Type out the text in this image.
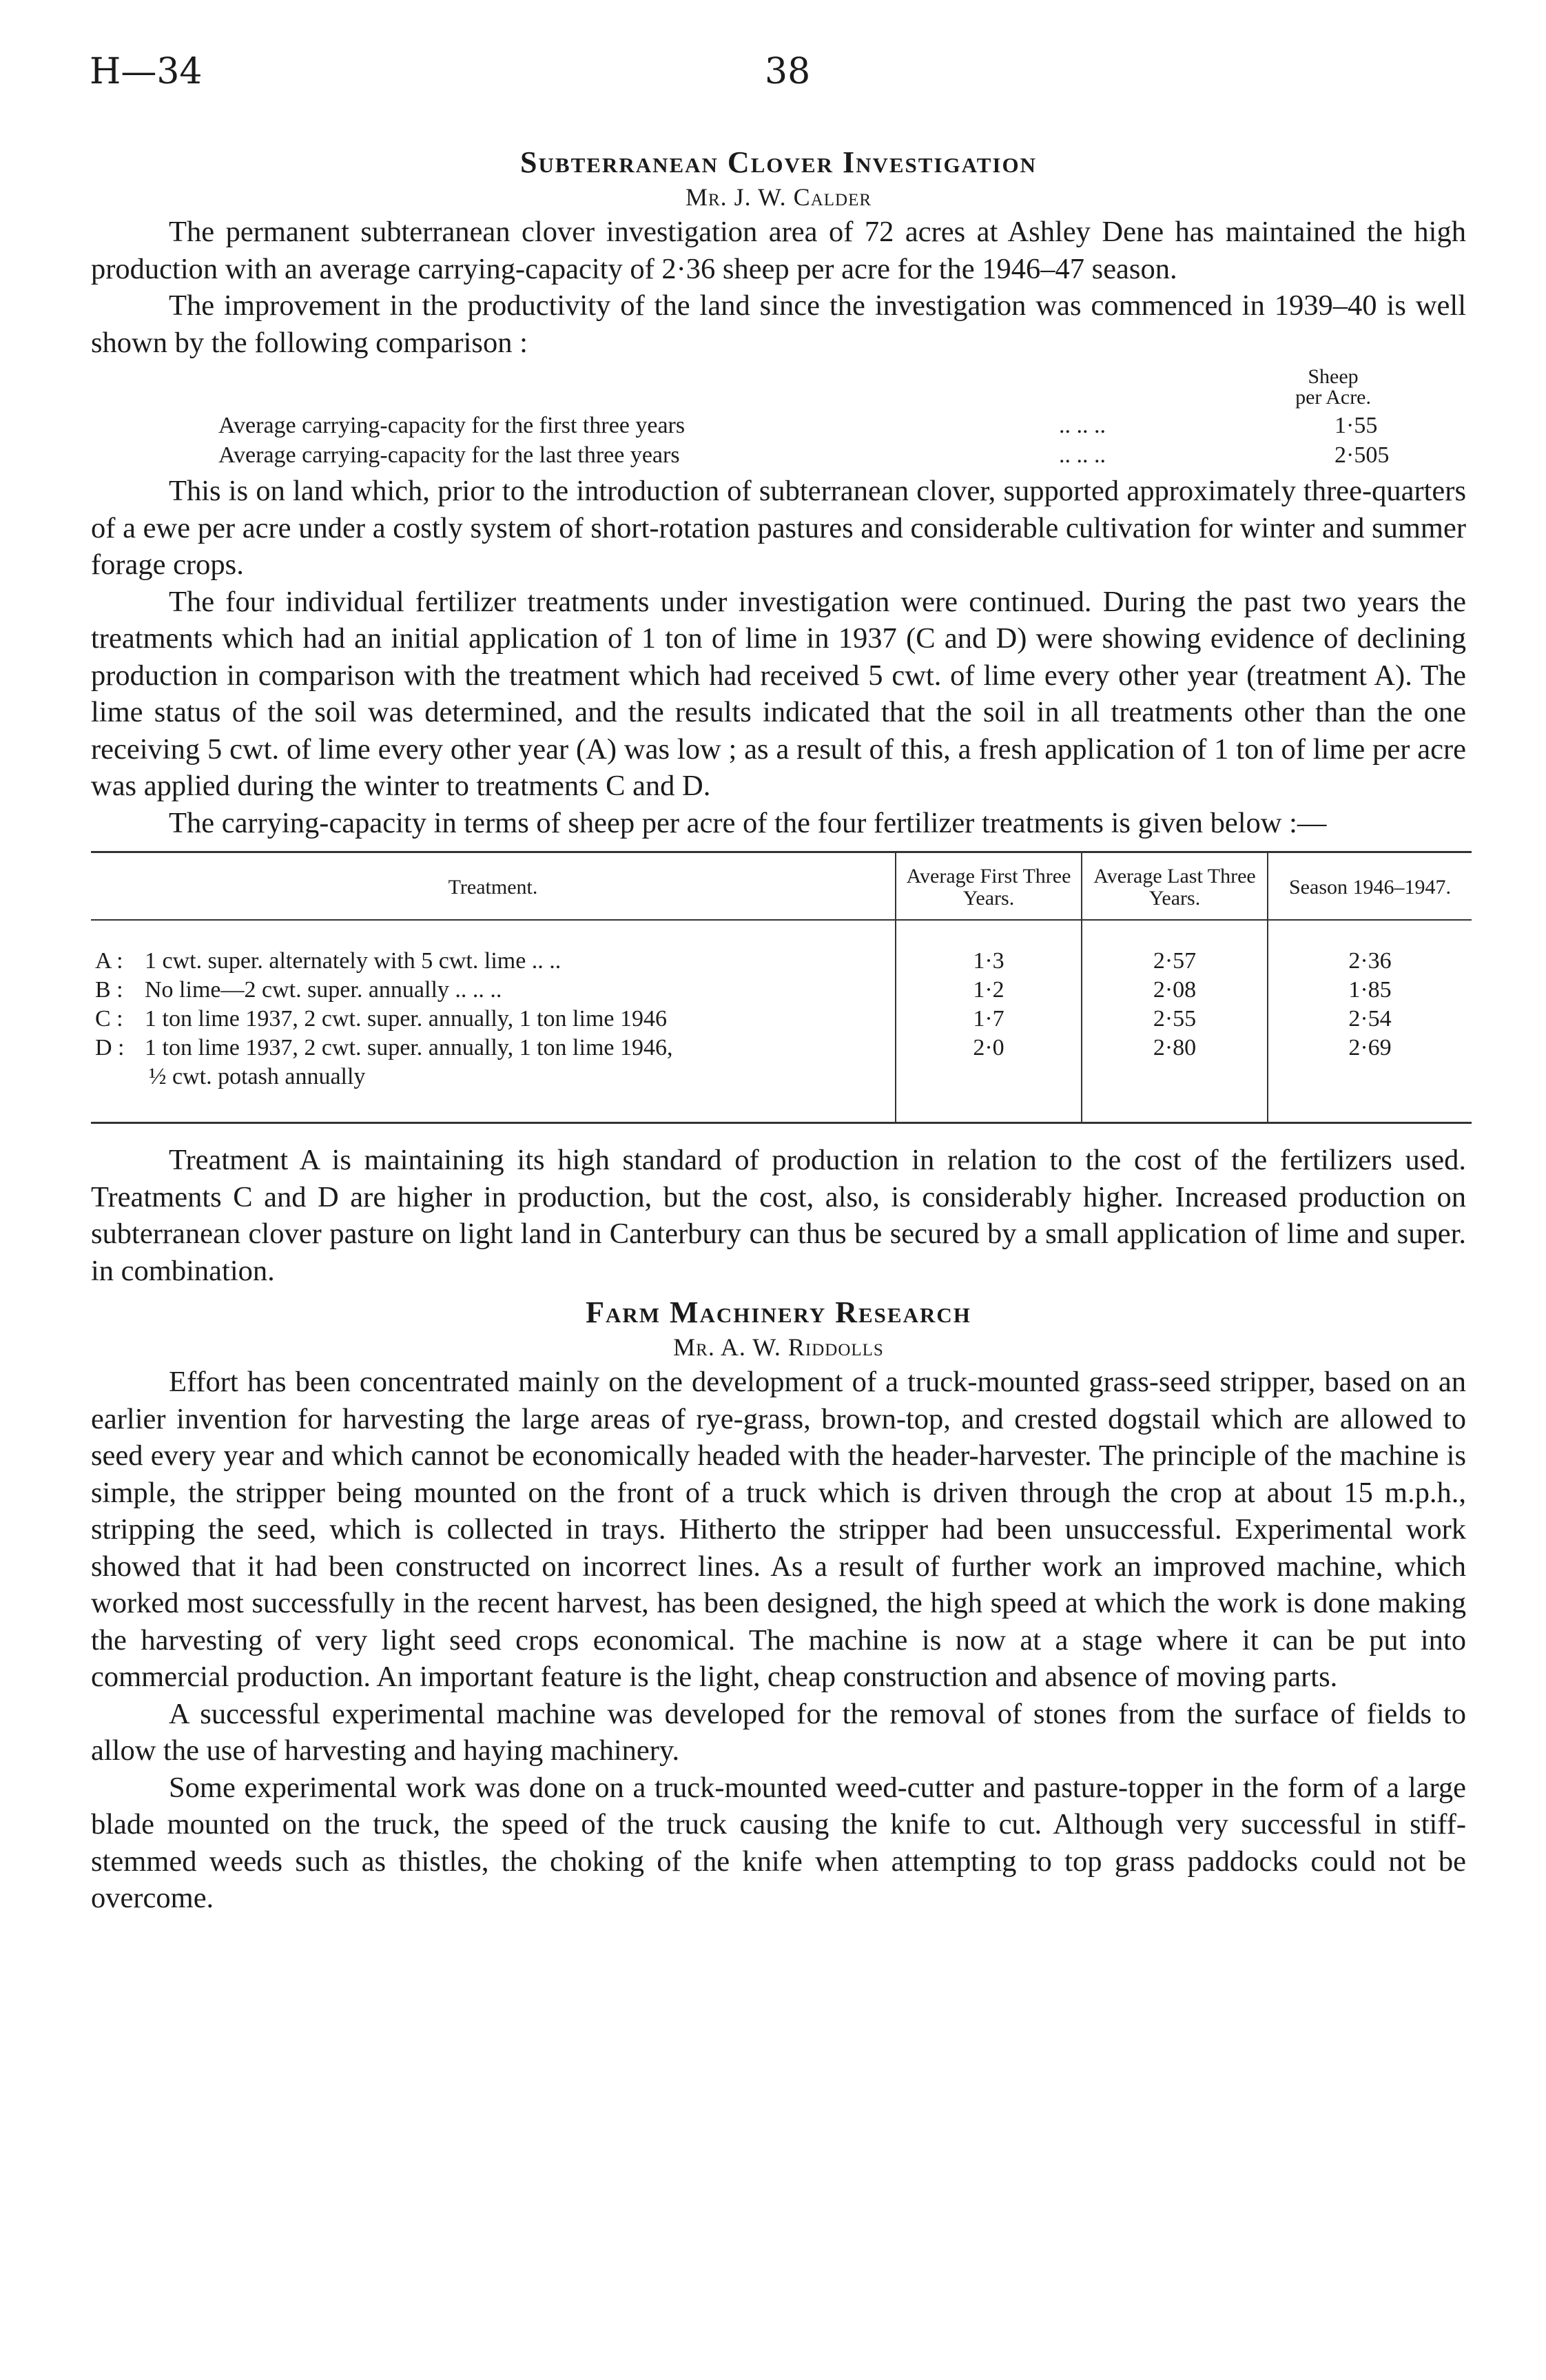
H—34	38
Subterranean Clover Investigation
Mr. J. W. Calder

The permanent subterranean clover investigation area of 72 acres at Ashley Dene has maintained the high production with an average carrying-capacity of 2·36 sheep per acre for the 1946–47 season.

The improvement in the productivity of the land since the investigation was commenced in 1939–40 is well shown by the following comparison :

Sheep
per Acre.
Average carrying-capacity for the first three years	.. .. ..	1·55
Average carrying-capacity for the last three years	.. .. ..	2·505

This is on land which, prior to the introduction of subterranean clover, supported approximately three-quarters of a ewe per acre under a costly system of short-rotation pastures and considerable cultivation for winter and summer forage crops.

The four individual fertilizer treatments under investigation were continued. During the past two years the treatments which had an initial application of 1 ton of lime in 1937 (C and D) were showing evidence of declining production in comparison with the treatment which had received 5 cwt. of lime every other year (treatment A). The lime status of the soil was determined, and the results indicated that the soil in all treatments other than the one receiving 5 cwt. of lime every other year (A) was low ; as a result of this, a fresh application of 1 ton of lime per acre was applied during the winter to treatments C and D.

The carrying-capacity in terms of sheep per acre of the four fertilizer treatments is given below :—

Treatment.	Average First Three Years.	Average Last Three Years.	Season 1946–1947.
A : 1 cwt. super. alternately with 5 cwt. lime .. ..	1·3	2·57	2·36
B : No lime—2 cwt. super. annually .. .. ..	1·2	2·08	1·85
C : 1 ton lime 1937, 2 cwt. super. annually, 1 ton lime 1946	1·7	2·55	2·54
D : 1 ton lime 1937, 2 cwt. super. annually, 1 ton lime 1946,
½ cwt. potash annually	2·0	2·80	2·69

Treatment A is maintaining its high standard of production in relation to the cost of the fertilizers used. Treatments C and D are higher in production, but the cost, also, is considerably higher. Increased production on subterranean clover pasture on light land in Canterbury can thus be secured by a small application of lime and super. in combination.

Farm Machinery Research
Mr. A. W. Riddolls

Effort has been concentrated mainly on the development of a truck-mounted grass-seed stripper, based on an earlier invention for harvesting the large areas of rye-grass, brown-top, and crested dogstail which are allowed to seed every year and which cannot be economically headed with the header-harvester. The principle of the machine is simple, the stripper being mounted on the front of a truck which is driven through the crop at about 15 m.p.h., stripping the seed, which is collected in trays. Hitherto the stripper had been unsuccessful. Experimental work showed that it had been constructed on incorrect lines. As a result of further work an improved machine, which worked most successfully in the recent harvest, has been designed, the high speed at which the work is done making the harvesting of very light seed crops economical. The machine is now at a stage where it can be put into commercial production. An important feature is the light, cheap construction and absence of moving parts.

A successful experimental machine was developed for the removal of stones from the surface of fields to allow the use of harvesting and haying machinery.

Some experimental work was done on a truck-mounted weed-cutter and pasture-topper in the form of a large blade mounted on the truck, the speed of the truck causing the knife to cut. Although very successful in stiff-stemmed weeds such as thistles, the choking of the knife when attempting to top grass paddocks could not be overcome.
